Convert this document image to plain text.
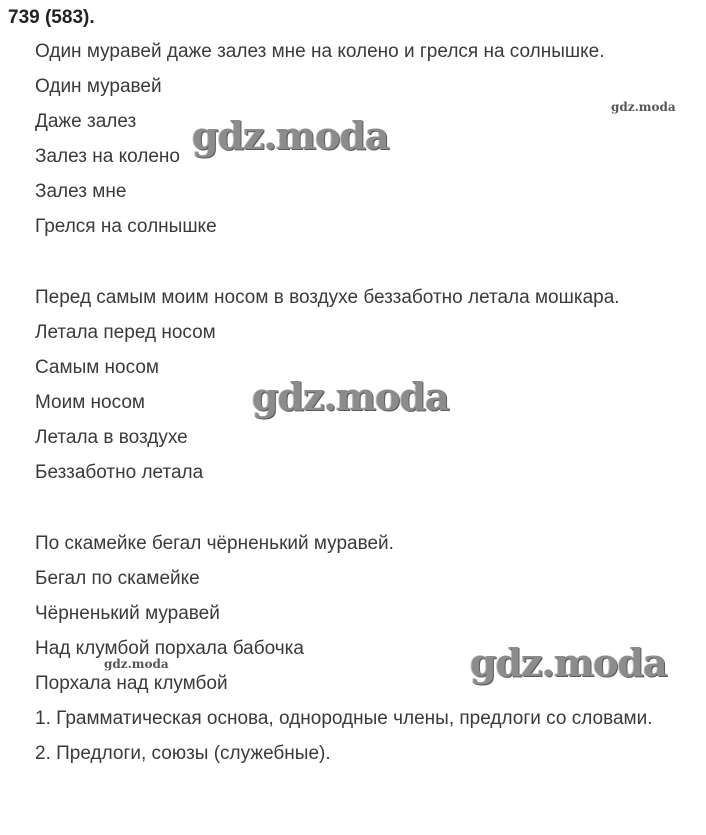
739 (583).
Один муравей даже залез мне на колено и грелся на солнышке.
Один муравей
Даже залез
Залез на колено
Залез мне
Грелся на солнышке
Перед самым моим носом в воздухе беззаботно летала мошкара.
Летала перед носом
Самым носом
Моим носом
Летала в воздухе
Беззаботно летала
По скамейке бегал чёрненький муравей.
Бегал по скамейке
Чёрненький муравей
Над клумбой порхала бабочка
Порхала над клумбой
1. Грамматическая основа, однородные члены, предлоги со словами.
2. Предлоги, союзы (служебные).
gdz.moda
gdz.moda
gdz.moda
gdz.moda
gdz.moda
